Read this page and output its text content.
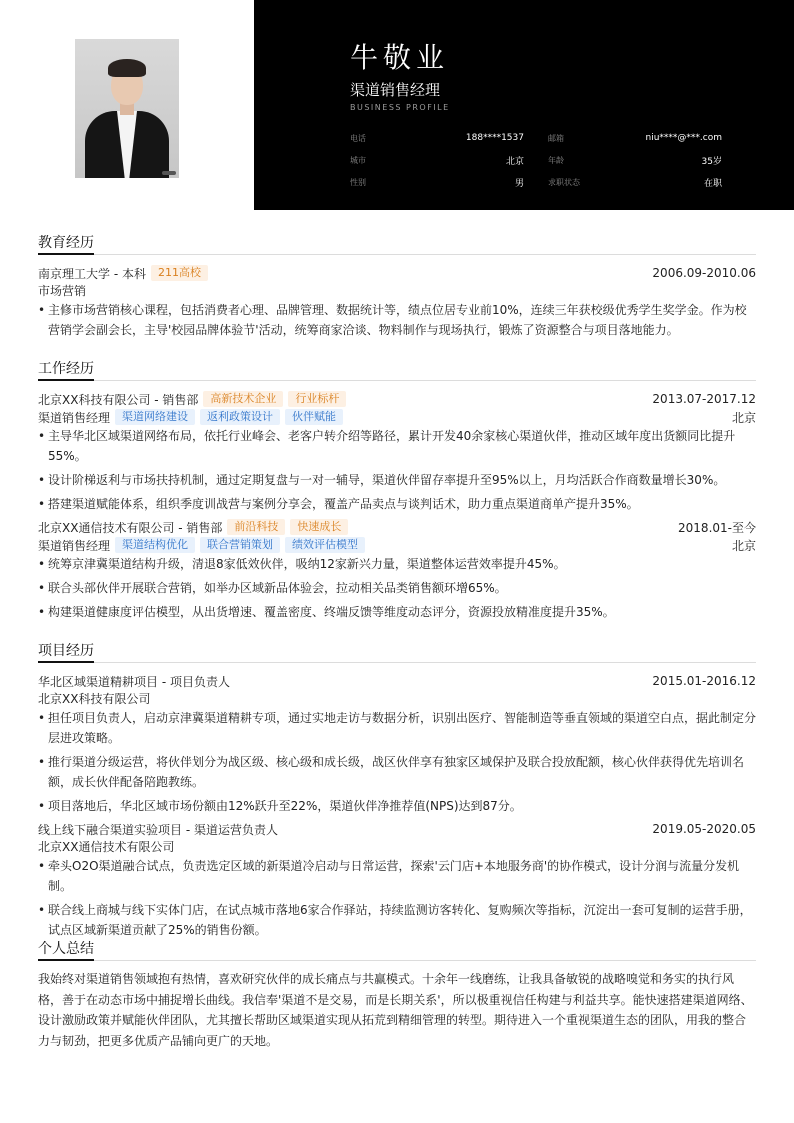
牛敬业
渠道销售经理
BUSINESS PROFILE
电话	188****1537
城市	北京
性别	男
邮箱	niu****@***.com
年龄	35岁
求职状态	在职
教育经历
南京理工大学 - 本科	211高校	2006.09-2010.06
市场营销
• 主修市场营销核心课程，包括消费者心理、品牌管理、数据统计等，绩点位居专业前10%，连续三年获校级优秀学生奖学金。作为校营销学会副会长，主导'校园品牌体验节'活动，统筹商家洽谈、物料制作与现场执行，锻炼了资源整合与项目落地能力。
工作经历
北京XX科技有限公司 - 销售部	高新技术企业	行业标杆	2013.07-2017.12
渠道销售经理	渠道网络建设	返利政策设计	伙伴赋能	北京
• 主导华北区域渠道网络布局，依托行业峰会、老客户转介绍等路径，累计开发40余家核心渠道伙伴，推动区域年度出货额同比提升55%。
• 设计阶梯返利与市场扶持机制，通过定期复盘与一对一辅导，渠道伙伴留存率提升至95%以上，月均活跃合作商数量增长30%。
• 搭建渠道赋能体系，组织季度训战营与案例分享会，覆盖产品卖点与谈判话术，助力重点渠道商单产提升35%。
北京XX通信技术有限公司 - 销售部	前沿科技	快速成长	2018.01-至今
渠道销售经理	渠道结构优化	联合营销策划	绩效评估模型	北京
• 统筹京津冀渠道结构升级，清退8家低效伙伴，吸纳12家新兴力量，渠道整体运营效率提升45%。
• 联合头部伙伴开展联合营销，如举办区域新品体验会，拉动相关品类销售额环增65%。
• 构建渠道健康度评估模型，从出货增速、覆盖密度、终端反馈等维度动态评分，资源投放精准度提升35%。
项目经历
华北区域渠道精耕项目 - 项目负责人	2015.01-2016.12
北京XX科技有限公司
• 担任项目负责人，启动京津冀渠道精耕专项，通过实地走访与数据分析，识别出医疗、智能制造等垂直领域的渠道空白点，据此制定分层进攻策略。
• 推行渠道分级运营，将伙伴划分为战区级、核心级和成长级，战区伙伴享有独家区域保护及联合投放配额，核心伙伴获得优先培训名额，成长伙伴配备陪跑教练。
• 项目落地后，华北区域市场份额由12%跃升至22%，渠道伙伴净推荐值(NPS)达到87分。
线上线下融合渠道实验项目 - 渠道运营负责人	2019.05-2020.05
北京XX通信技术有限公司
• 牵头O2O渠道融合试点，负责选定区域的新渠道冷启动与日常运营，探索'云门店+本地服务商'的协作模式，设计分润与流量分发机制。
• 联合线上商城与线下实体门店，在试点城市落地6家合作驿站，持续监测访客转化、复购频次等指标，沉淀出一套可复制的运营手册，试点区域新渠道贡献了25%的销售份额。
个人总结
我始终对渠道销售领域抱有热情，喜欢研究伙伴的成长痛点与共赢模式。十余年一线磨练，让我具备敏锐的战略嗅觉和务实的执行风格，善于在动态市场中捕捉增长曲线。我信奉'渠道不是交易，而是长期关系'，所以极重视信任构建与利益共享。能快速搭建渠道网络、设计激励政策并赋能伙伴团队，尤其擅长帮助区域渠道实现从拓荒到精细管理的转型。期待进入一个重视渠道生态的团队，用我的整合力与韧劲，把更多优质产品铺向更广的天地。
